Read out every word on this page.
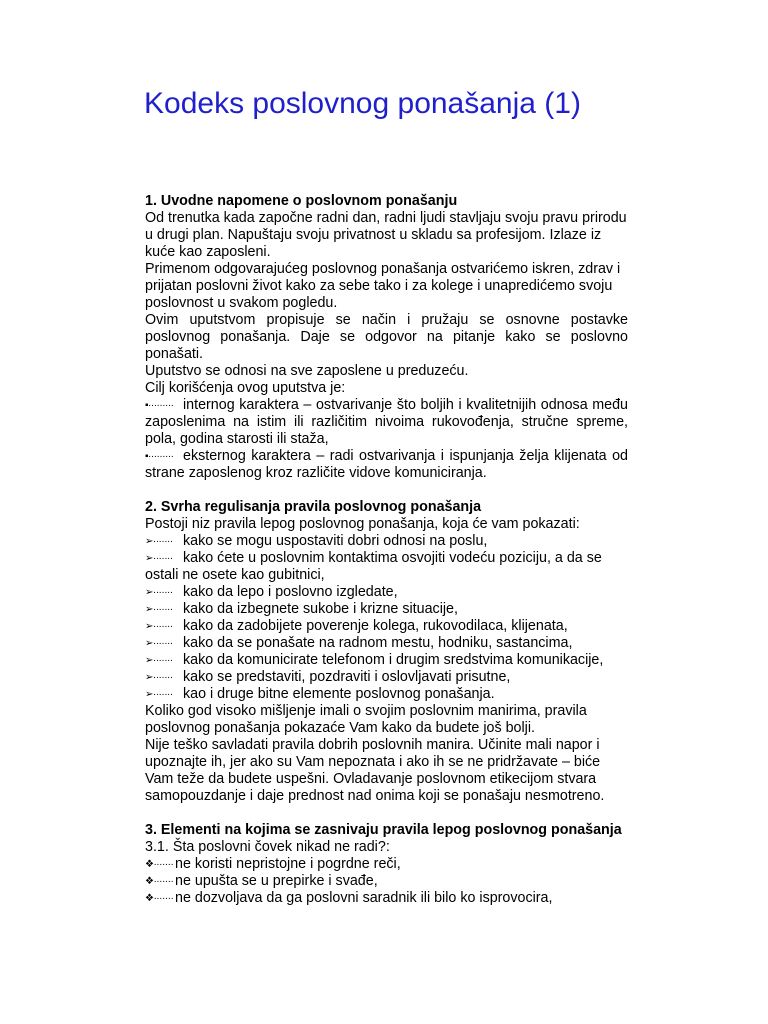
Kodeks poslovnog ponašanja (1)

1. Uvodne napomene o poslovnom ponašanju

Od trenutka kada započne radni dan, radni ljudi stavljaju svoju pravu prirodu u drugi plan. Napuštaju svoju privatnost u skladu sa profesijom. Izlaze iz kuće kao zaposleni.

Primenom odgovarajućeg poslovnog ponašanja ostvarićemo iskren, zdrav i prijatan poslovni život kako za sebe tako i za kolege i unapredićemo svoju poslovnost u svakom pogledu.

Ovim uputstvom propisuje se način i pružaju se osnovne postavke poslovnog ponašanja. Daje se odgovor na pitanje kako se poslovno ponašati.

Uputstvo se odnosi na sve zaposlene u preduzeću.

Cilj korišćenja ovog uputstva je:

▪········· internog karaktera – ostvarivanje što boljih i kvalitetnijih odnosa među zaposlenima na istim ili različitim nivoima rukovođenja, stručne spreme, pola, godina starosti ili staža,

▪········· eksternog karaktera – radi ostvarivanja i ispunjanja želja klijenata od strane zaposlenog kroz različite vidove komuniciranja.

2. Svrha regulisanja pravila poslovnog ponašanja

Postoji niz pravila lepog poslovnog ponašanja, koja će vam pokazati:

➢······· kako se mogu uspostaviti dobri odnosi na poslu,

➢······· kako ćete u poslovnim kontaktima osvojiti vodeću poziciju, a da se ostali ne osete kao gubitnici,

➢······· kako da lepo i poslovno izgledate,

➢······· kako da izbegnete sukobe i krizne situacije,

➢······· kako da zadobijete poverenje kolega, rukovodilaca, klijenata,

➢······· kako da se ponašate na radnom mestu, hodniku, sastancima,

➢······· kako da komunicirate telefonom i drugim sredstvima komunikacije,

➢······· kako se predstaviti, pozdraviti i oslovljavati prisutne,

➢······· kao i druge bitne elemente poslovnog ponašanja.

Koliko god visoko mišljenje imali o svojim poslovnim manirima, pravila poslovnog ponašanja pokazaće Vam kako da budete još bolji.

Nije teško savladati pravila dobrih poslovnih manira. Učinite mali napor i upoznajte ih, jer ako su Vam nepoznata i ako ih se ne pridržavate – biće Vam teže da budete uspešni. Ovladavanje poslovnom etikecijom stvara samopouzdanje i daje prednost nad onima koji se ponašaju nesmotreno.

3. Elementi na kojima se zasnivaju pravila lepog poslovnog ponašanja

3.1. Šta poslovni čovek nikad ne radi?:

❖······· ne koristi nepristojne i pogrdne reči,

❖······· ne upušta se u prepirke i svađe,

❖······· ne dozvoljava da ga poslovni saradnik ili bilo ko isprovocira,
